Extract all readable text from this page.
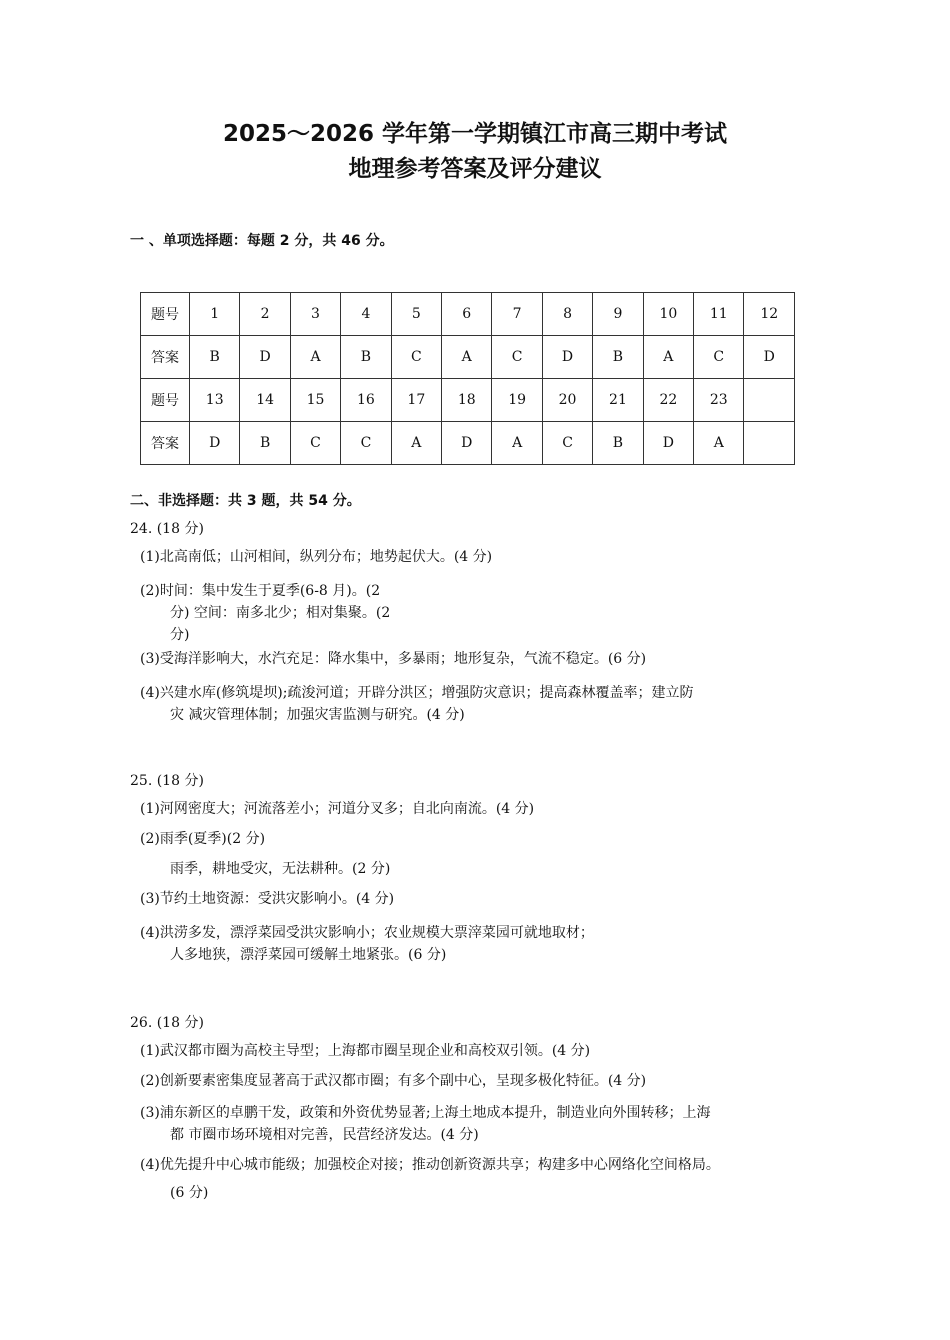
2025～2026 学年第一学期镇江市高三期中考试
地理参考答案及评分建议
一 、单项选择题：每题 2 分，共 46 分。
题号	1	2	3	4	5	6	7	8	9	10	11	12
答案	B	D	A	B	C	A	C	D	B	A	C	D
题号	13	14	15	16	17	18	19	20	21	22	23	
答案	D	B	C	C	A	D	A	C	B	D	A	
二、非选择题：共 3 题，共 54 分。
24. (18 分)
(1)北高南低；山河相间，纵列分布；地势起伏大。(4 分)
(2)时间：集中发生于夏季(6-8 月)。(2
分) 空间：南多北少；相对集聚。(2
分)
(3)受海洋影响大，水汽充足：降水集中，多暴雨；地形复杂，气流不稳定。(6 分)
(4)兴建水库(修筑堤坝);疏浚河道；开辟分洪区；增强防灾意识；提高森林覆盖率；建立防
灾 减灾管理体制；加强灾害监测与研究。(4 分)
25. (18 分)
(1)河网密度大；河流落差小；河道分叉多；自北向南流。(4 分)
(2)雨季(夏季)(2 分)
雨季，耕地受灾，无法耕种。(2 分)
(3)节约土地资源：受洪灾影响小。(4 分)
(4)洪涝多发，漂浮菜园受洪灾影响小；农业规模大票滓菜园可就地取材；
人多地狭，漂浮菜园可缓解土地紧张。(6 分)
26. (18 分)
(1)武汉都市圈为高校主导型；上海都市圈呈现企业和高校双引领。(4 分)
(2)创新要素密集度显著高于武汉都市圈；有多个副中心，呈现多极化特征。(4 分)
(3)浦东新区的卓鹏干发，政策和外资优势显著;上海土地成本提升，制造业向外围转移；上海
都 市圈市场环境相对完善，民营经济发达。(4 分)
(4)优先提升中心城市能级；加强校企对接；推动创新资源共享；构建多中心网络化空间格局。
(6 分)
